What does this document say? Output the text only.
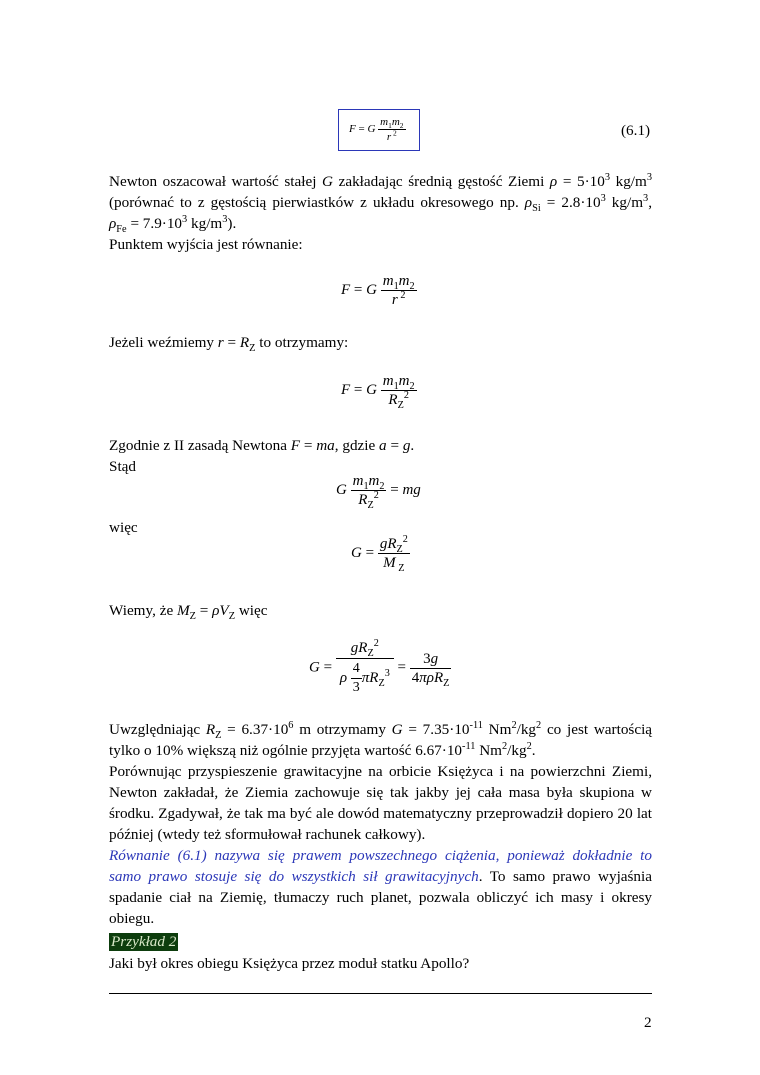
F = G $\frac{m_1m_2}{r ^2}$	(6.1)
Newton oszacował wartość stałej G zakładając średnią gęstość Ziemi $\rho = 5\cdot 10^3$ $kg/m^3$
(porównać to z gęstością pierwiastków z układu okresowego np. $\rho_{Si} = 2.8\cdot 10^3$ $kg/m^3$,
$\rho_{Fe} = 7.9\cdot 10^3$ $kg/m^3$).
Punktem wyjścia jest równanie:
F = G $\frac{m_1m_2}{r ^2}$
Jeżeli weźmiemy $r = R_Z$ to otrzymamy:
F = G $\frac{m_1m_2}{R_Z^2}$
Zgodnie z II zasadą Newtona F = ma, gdzie a = g.
Stąd
G $\frac{m_1m_2}{R_Z^2}$ = mg
więc
$G = \frac{gR_Z^2}{M _Z}$
Wiemy, że $M_Z = \rho V_Z$ więc
$G = \frac{gR_Z^2}{\rho \frac{4}{3} \pi R_Z^3} = \frac{3g}{4\pi\rho R_Z}$
Uwzględniając $R_Z = 6.37\cdot 10^6$ m otrzymamy $G = 7.35\cdot 10^{-11}$ $Nm^2/kg^2$ co jest wartością
tylko o 10% większą niż ogólnie przyjęta wartość $6.67\cdot 10^{-11}$ $Nm^2/kg^2$.
Porównując przyspieszenie grawitacyjne na orbicie Księżyca i na powierzchni Ziemi,
Newton zakładał, że Ziemia zachowuje się tak jakby jej cała masa była skupiona w
środku. Zgadywał, że tak ma być ale dowód matematyczny przeprowadził dopiero 20 lat
później (wtedy też sformułował rachunek całkowy).
Równanie (6.1) nazywa się prawem powszechnego ciążenia, ponieważ dokładnie to
samo prawo stosuje się do wszystkich sił grawitacyjnych. To samo prawo wyjaśnia
spadanie ciał na Ziemię, tłumaczy ruch planet, pozwala obliczyć ich masy i okresy
obiegu.
Przykład 2
Jaki był okres obiegu Księżyca przez moduł statku Apollo?
2
